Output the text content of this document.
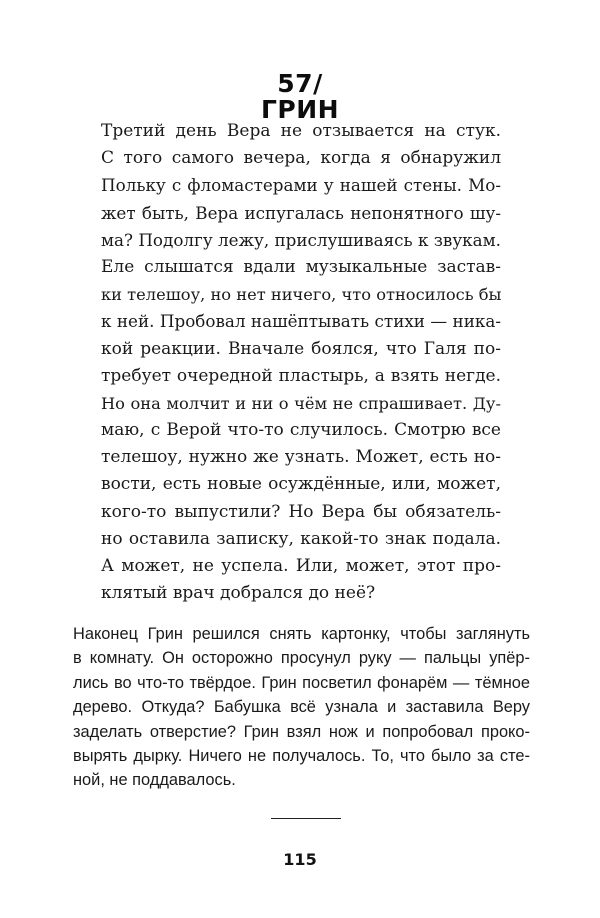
57/
ГРИН
Третий день Вера не отзывается на стук.
С того самого вечера, когда я обнаружил
Польку с фломастерами у нашей стены. Мо-
жет быть, Вера испугалась непонятного шу-
ма? Подолгу лежу, прислушиваясь к звукам.
Еле слышатся вдали музыкальные застав-
ки телешоу, но нет ничего, что относилось бы
к ней. Пробовал нашёптывать стихи — ника-
кой реакции. Вначале боялся, что Галя по-
требует очередной пластырь, а взять негде.
Но она молчит и ни о чём не спрашивает. Ду-
маю, с Верой что-то случилось. Смотрю все
телешоу, нужно же узнать. Может, есть но-
вости, есть новые осуждённые, или, может,
кого-то выпустили? Но Вера бы обязатель-
но оставила записку, какой-то знак подала.
А может, не успела. Или, может, этот про-
клятый врач добрался до неё?
Наконец Грин решился снять картонку, чтобы заглянуть
в комнату. Он осторожно просунул руку — пальцы упёр-
лись во что-то твёрдое. Грин посветил фонарём — тёмное
дерево. Откуда? Бабушка всё узнала и заставила Веру
заделать отверстие? Грин взял нож и попробовал проко-
вырять дырку. Ничего не получалось. То, что было за сте-
ной, не поддавалось.
115
